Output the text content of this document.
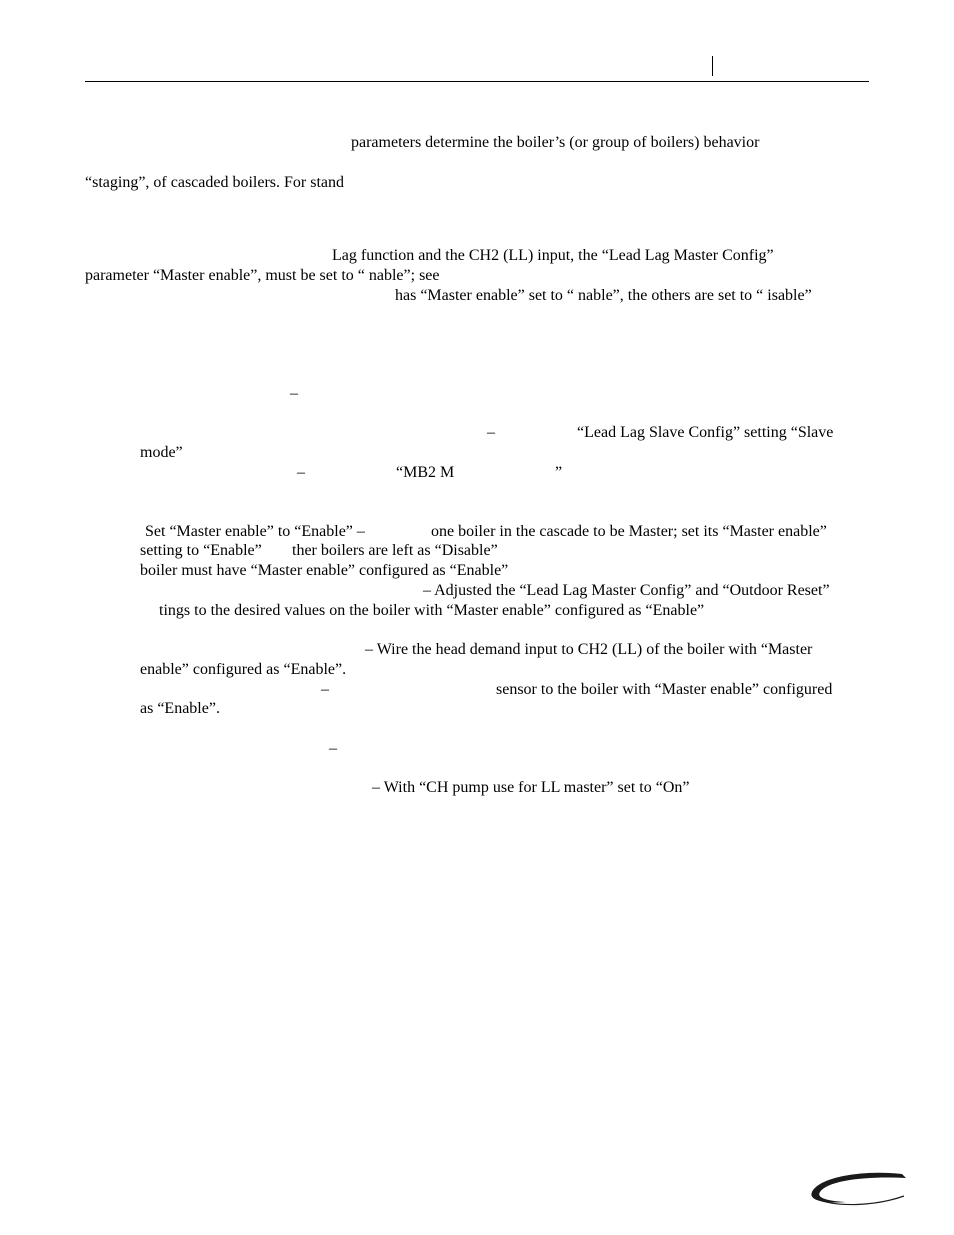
parameters determine the boiler’s (or group of boilers) behavior
“staging”, of cascaded boilers. For stand
Lag function and the CH2 (LL) input, the “Lead Lag Master Config”
parameter “Master enable”, must be set to “ nable”; see
has “Master enable” set to “ nable”, the others are set to “ isable”
–
–	“Lead Lag Slave Config” setting “Slave
mode”
–	“MB2 M	”
Set “Master enable” to “Enable” –	one boiler in the cascade to be Master; set its “Master enable”
setting to “Enable” ther boilers are left as “Disable”
boiler must have “Master enable” configured as “Enable”
– Adjusted the “Lead Lag Master Config” and “Outdoor Reset”
tings to the desired values on the boiler with “Master enable” configured as “Enable”
– Wire the head demand input to CH2 (LL) of the boiler with “Master
enable” configured as “Enable”.
–	sensor to the boiler with “Master enable” configured
as “Enable”.
–
– With “CH pump use for LL master” set to “On”
